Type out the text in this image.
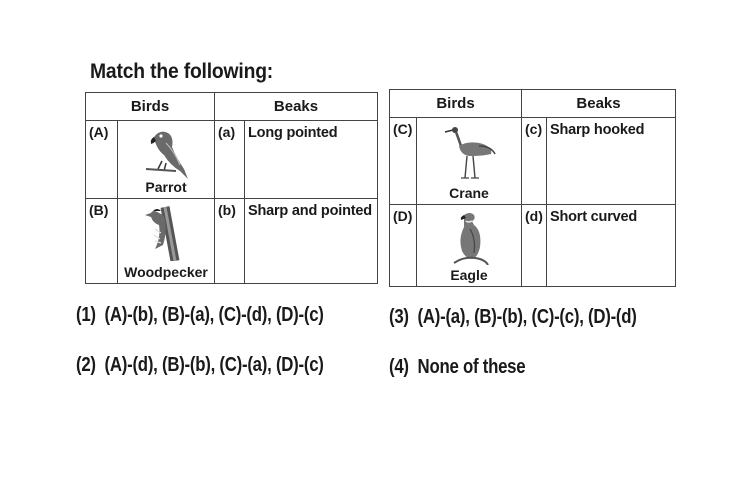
Match the following:
Birds		Beaks	

(A)	Parrot	(a)	Long pointed

(B)	Woodpecker	(b)	Sharp and pointed
Birds		Beaks	

(C)	Crane	(c)	Sharp hooked

(D)	Eagle	(d)	Short curved
(1) (A)-(b), (B)-(a), (C)-(d), (D)-(c)
(2) (A)-(d), (B)-(b), (C)-(a), (D)-(c)
(3) (A)-(a), (B)-(b), (C)-(c), (D)-(d)
(4) None of these
